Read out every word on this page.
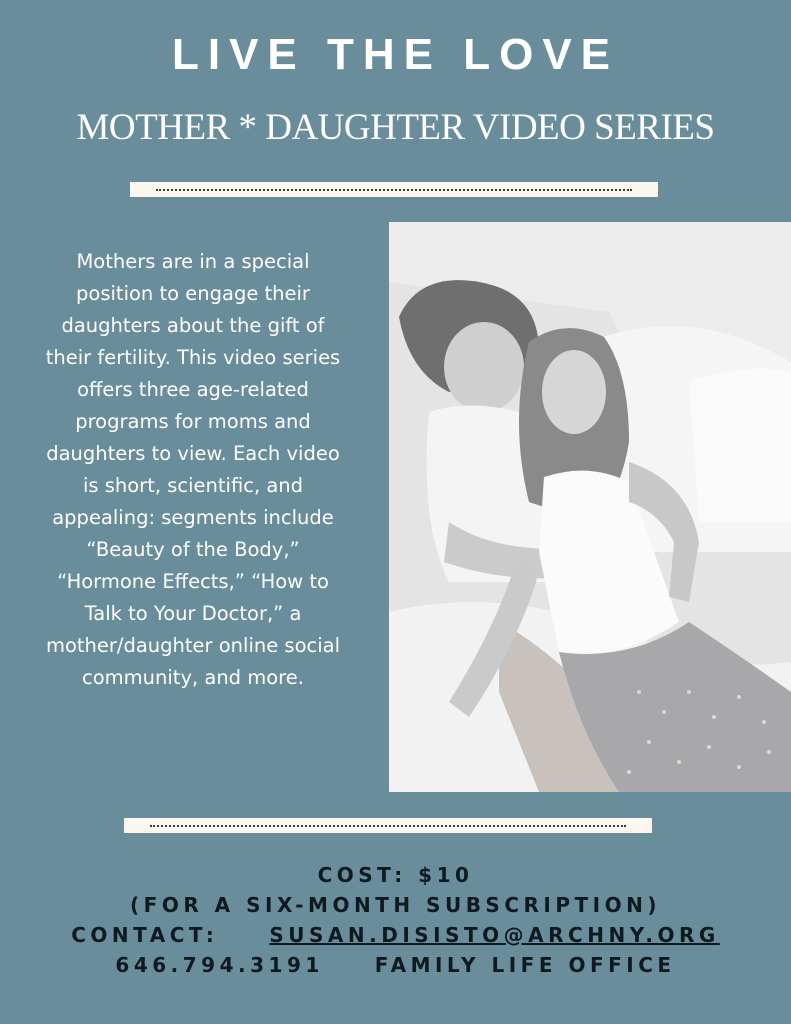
LIVE THE LOVE
MOTHER * DAUGHTER VIDEO SERIES
Mothers are in a special position to engage their daughters about the gift of their fertility. This video series offers three age-related programs for moms and daughters to view. Each video is short, scientific, and appealing: segments include “Beauty of the Body,” “Hormone Effects,” “How to Talk to Your Doctor,” a mother/daughter online social community, and more.
COST: $10
(FOR A SIX-MONTH SUBSCRIPTION)
CONTACT:	SUSAN.DISISTO@ARCHNY.ORG
646.794.3191	FAMILY LIFE OFFICE
